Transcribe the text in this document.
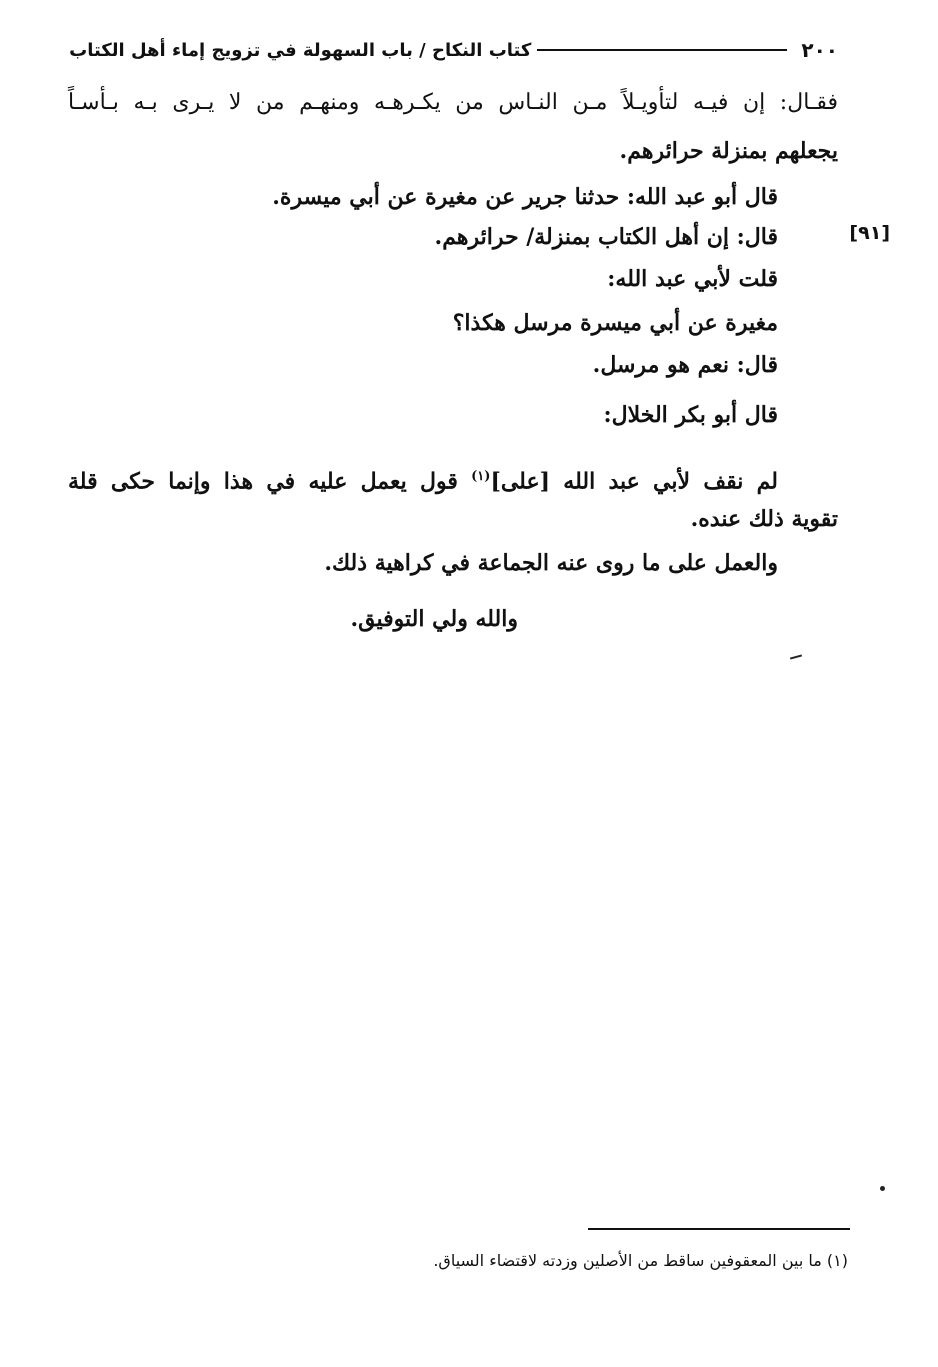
٢٠٠
كتاب النكاح / باب السهولة في تزويج إماء أهل الكتاب
[٩١]
فقـال: إن فيـه لتأويـلاً مـن النـاس من يكـرهـه ومنهـم من لا يـرى بـه بـأسـاً
يجعلهم بمنزلة حرائرهم.
قال أبو عبد الله: حدثنا جرير عن مغيرة عن أبي ميسرة.
قال: إن أهل الكتاب بمنزلة/ حرائرهم.
قلت لأبي عبد الله:
مغيرة عن أبي ميسرة مرسل هكذا؟
قال: نعم هو مرسل.
قال أبو بكر الخلال:
لم نقف لأبي عبد الله [على]$^{(١)}$ قول يعمل عليه في هذا وإنما حكى قلة
تقوية ذلك عنده.
والعمل على ما روى عنه الجماعة في كراهية ذلك.
والله ولي التوفيق.
(١) ما بين المعقوفين ساقط من الأصلين وزدته لاقتضاء السياق.
